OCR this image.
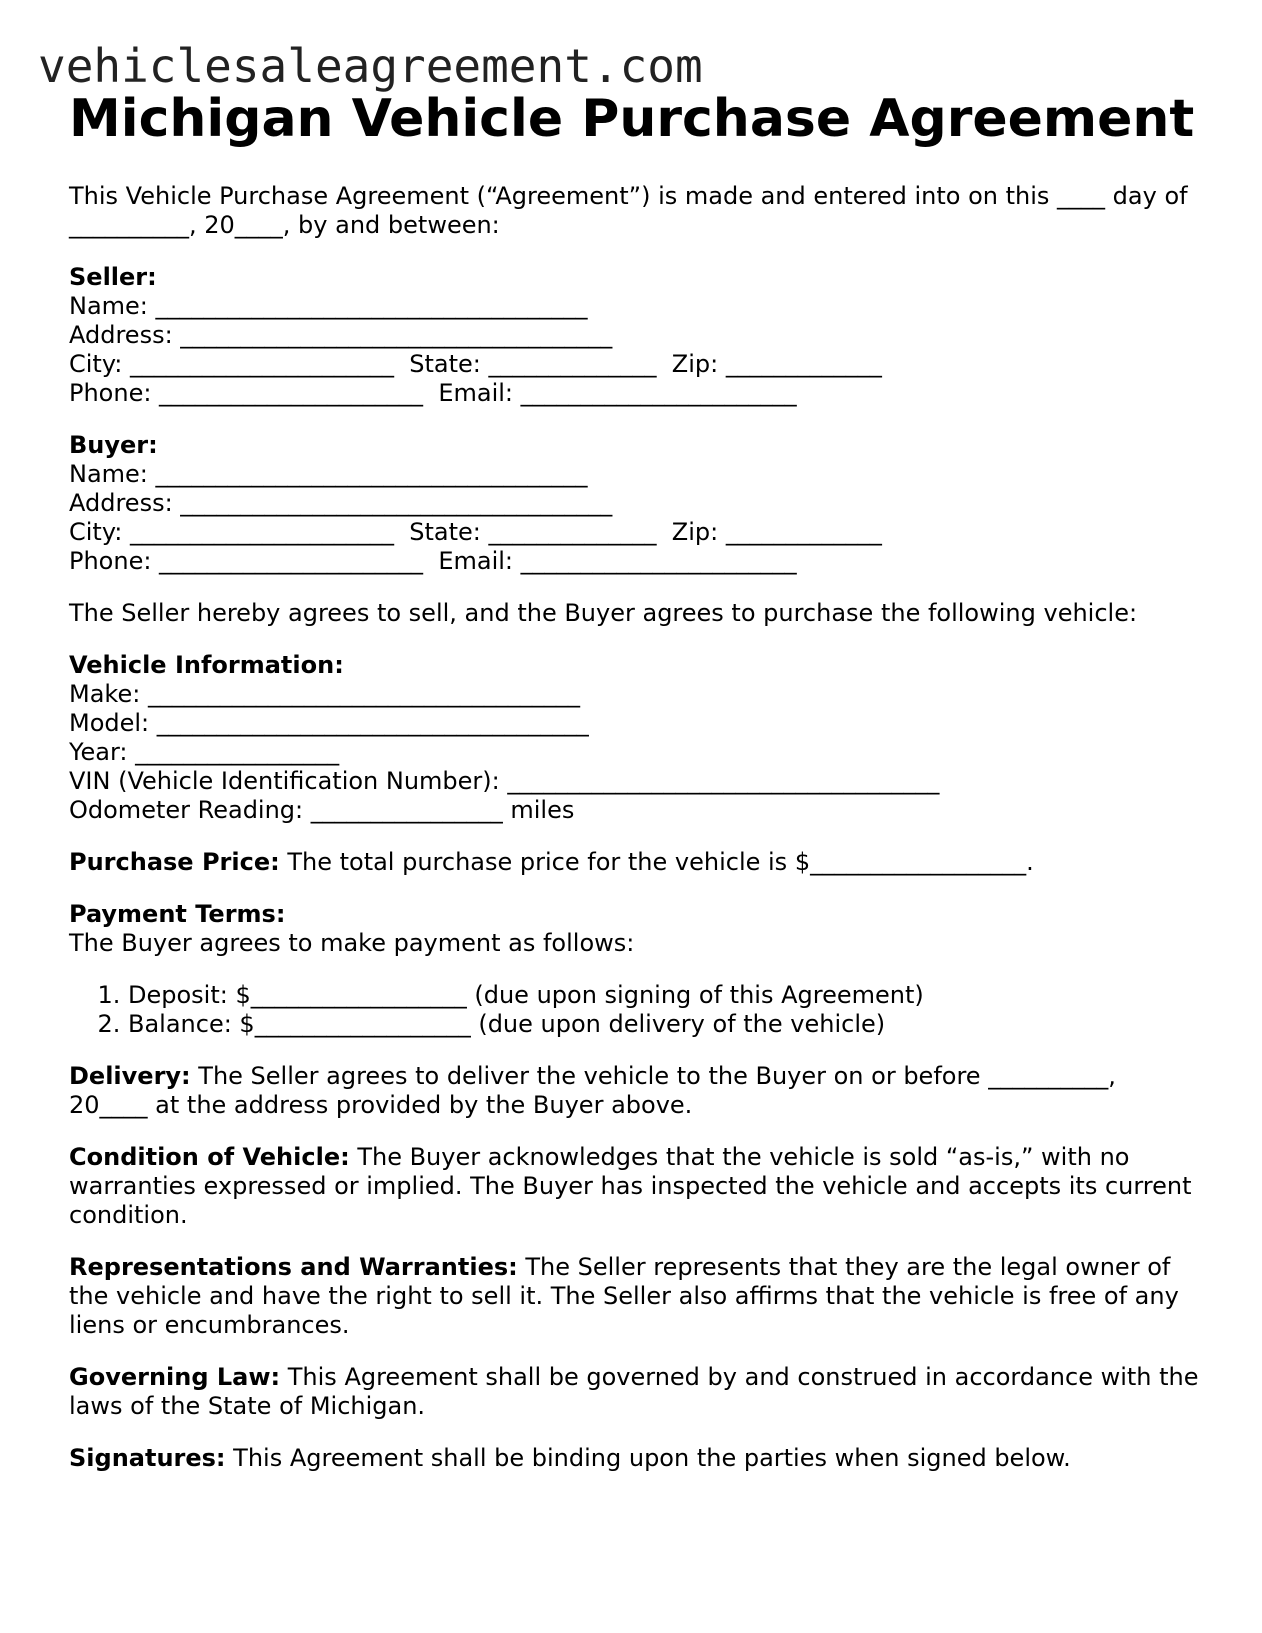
vehiclesaleagreement.com
Michigan Vehicle Purchase Agreement

This Vehicle Purchase Agreement (“Agreement”) is made and entered into on this ____ day of __________, 20____, by and between:

Seller:
Name: ____________________________________
Address: ____________________________________
City: ______________________  State: ______________  Zip: _____________
Phone: ______________________  Email: _______________________
Buyer:
Name: ____________________________________
Address: ____________________________________
City: ______________________  State: ______________  Zip: _____________
Phone: ______________________  Email: _______________________

The Seller hereby agrees to sell, and the Buyer agrees to purchase the following vehicle:

Vehicle Information:
Make: ____________________________________
Model: ____________________________________
Year: _________________
VIN (Vehicle Identification Number): ____________________________________
Odometer Reading: ________________ miles

Purchase Price: The total purchase price for the vehicle is $__________________.

Payment Terms:
The Buyer agrees to make payment as follows:
1. Deposit: $__________________ (due upon signing of this Agreement)
2. Balance: $__________________ (due upon delivery of the vehicle)

Delivery: The Seller agrees to deliver the vehicle to the Buyer on or before __________, 20____ at the address provided by the Buyer above.

Condition of Vehicle: The Buyer acknowledges that the vehicle is sold “as-is,” with no warranties expressed or implied. The Buyer has inspected the vehicle and accepts its current condition.

Representations and Warranties: The Seller represents that they are the legal owner of the vehicle and have the right to sell it. The Seller also affirms that the vehicle is free of any liens or encumbrances.

Governing Law: This Agreement shall be governed by and construed in accordance with the laws of the State of Michigan.

Signatures: This Agreement shall be binding upon the parties when signed below.
